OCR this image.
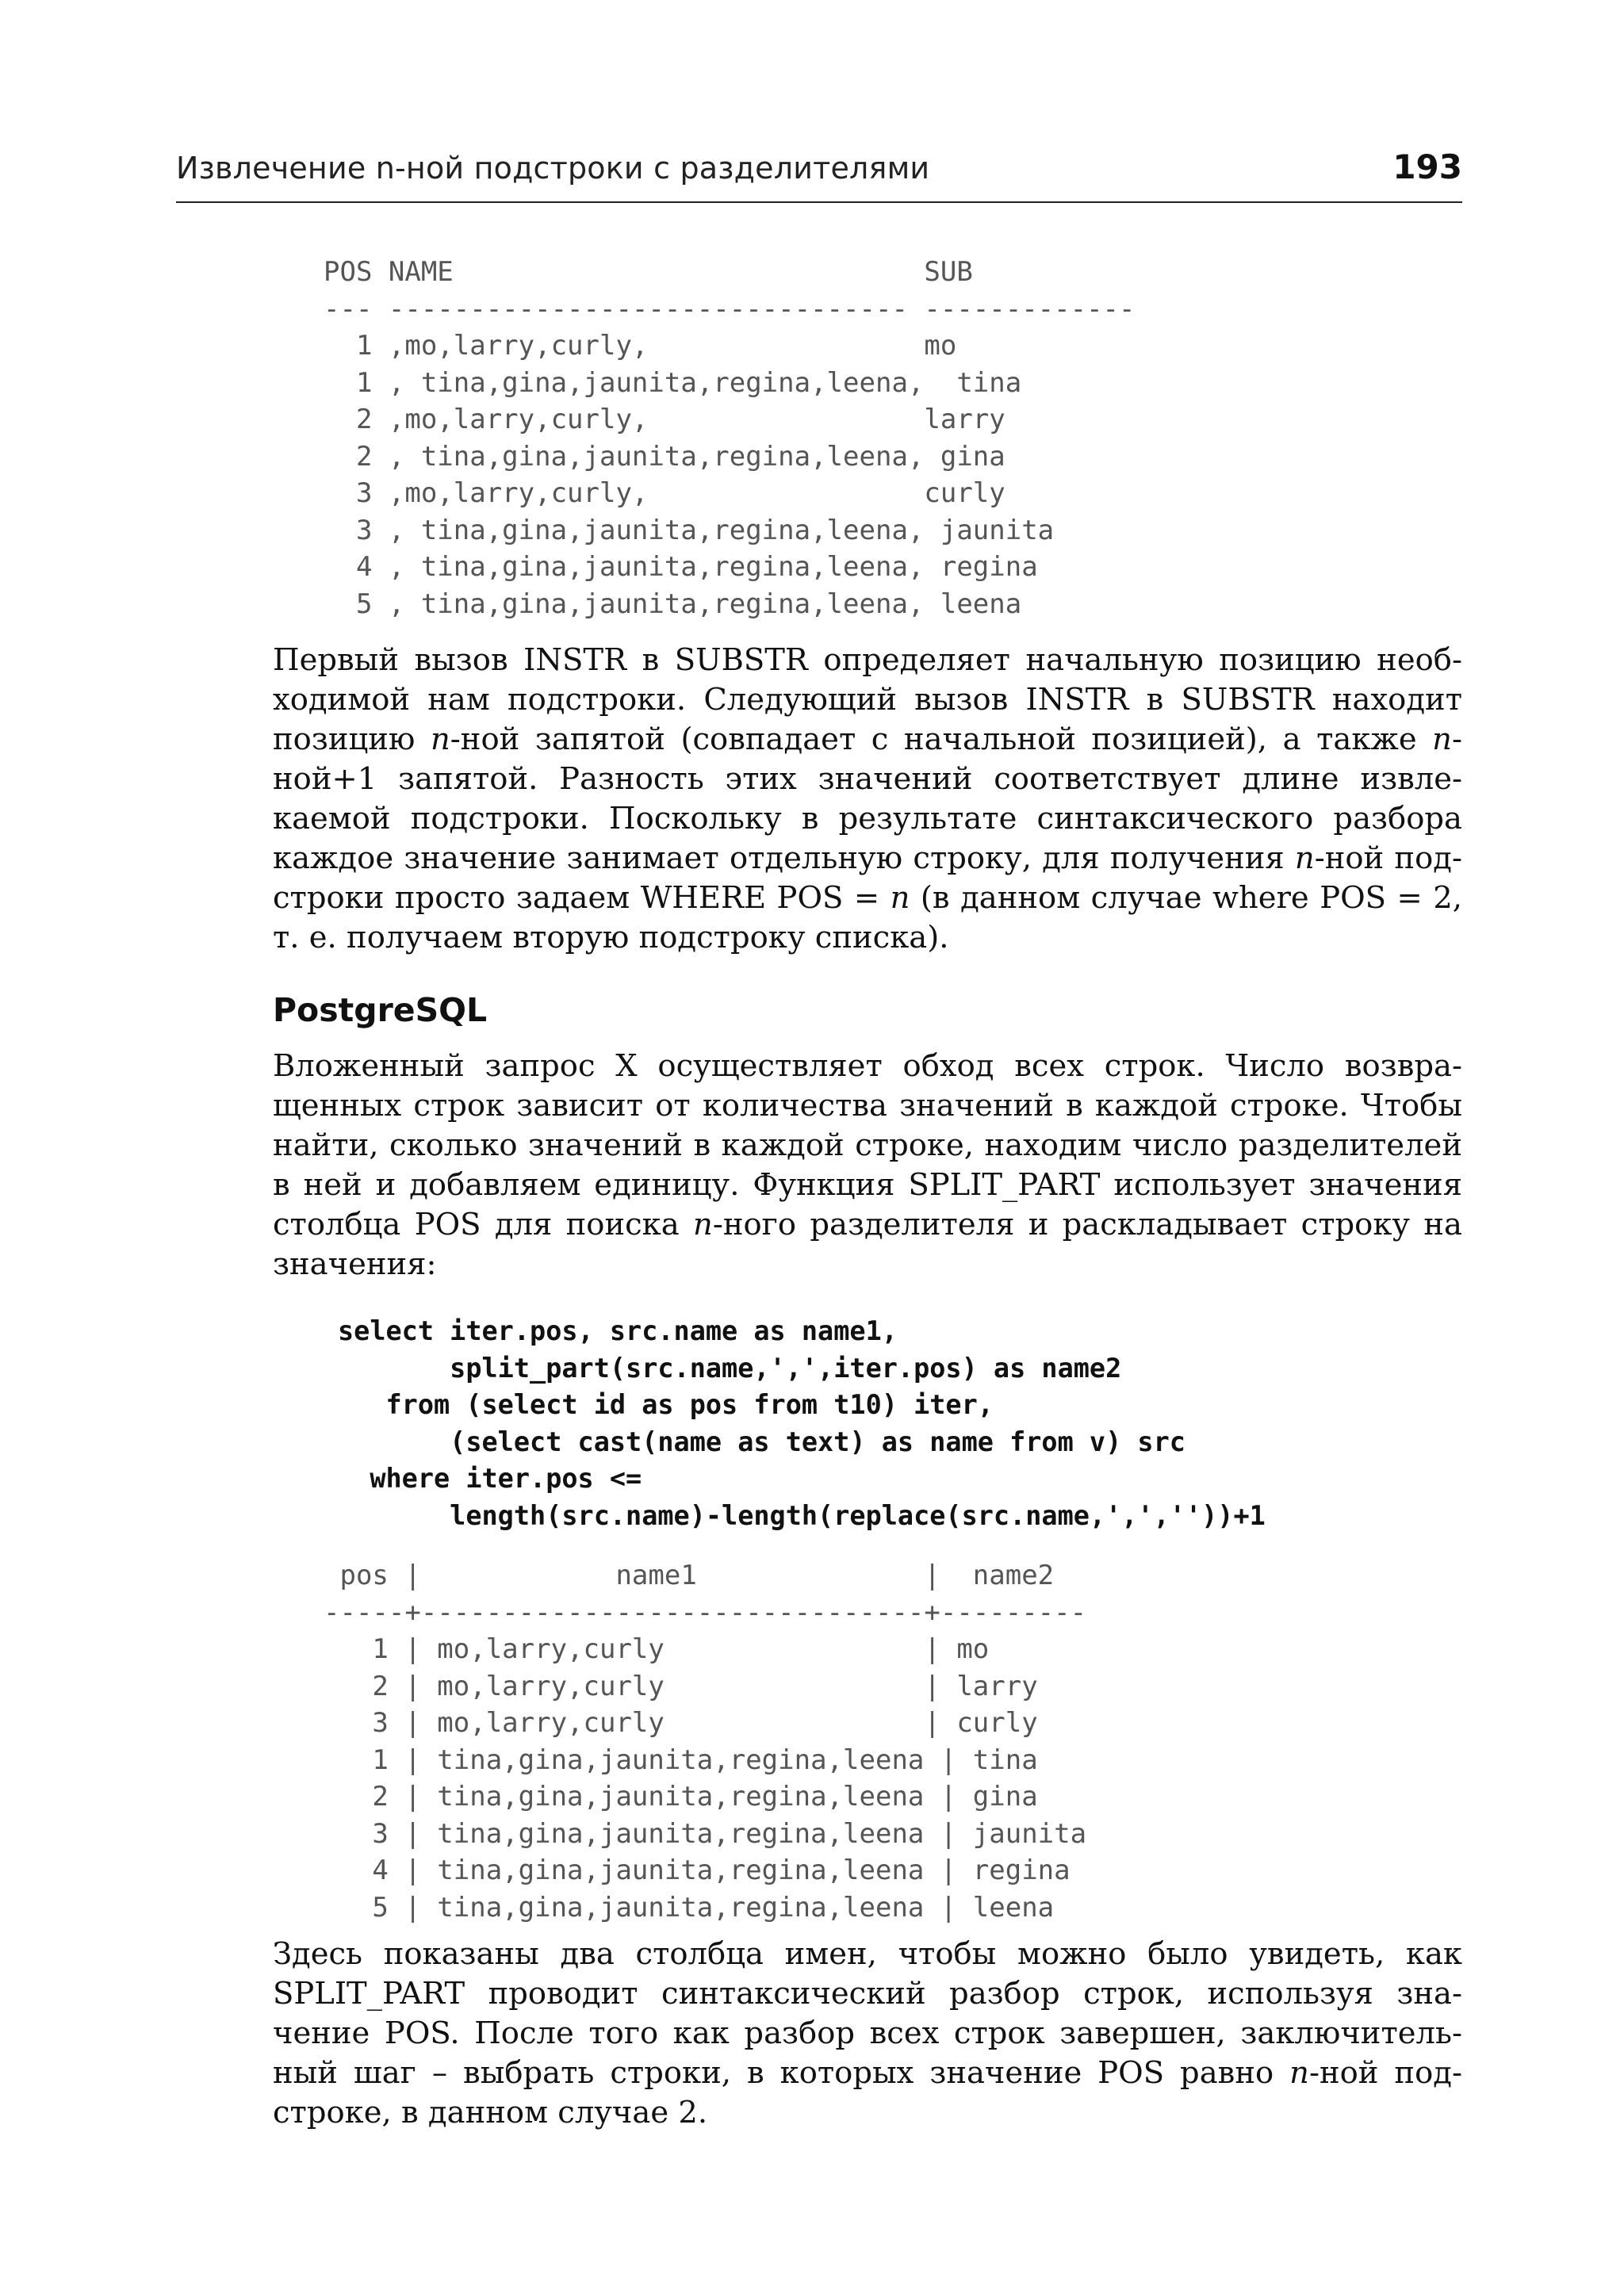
Извлечение n-ной подстроки с разделителями	193
POS NAME                             SUB
--- -------------------------------- -------------
1 ,mo,larry,curly,                 mo
1 , tina,gina,jaunita,regina,leena,  tina
2 ,mo,larry,curly,                 larry
2 , tina,gina,jaunita,regina,leena, gina
3 ,mo,larry,curly,                 curly
3 , tina,gina,jaunita,regina,leena, jaunita
4 , tina,gina,jaunita,regina,leena, regina
5 , tina,gina,jaunita,regina,leena, leena

Первый вызов INSTR в SUBSTR определяет начальную позицию необходимой нам подстроки. Следующий вызов INSTR в SUBSTR находит позицию n-ной запятой (совпадает с начальной позицией), а также n-ной+1 запятой. Разность этих значений соответствует длине извлекаемой подстроки. Поскольку в результате синтаксического разбора каждое значение занимает отдельную строку, для получения n-ной подстроки просто задаем WHERE POS = n (в данном случае where POS = 2, т. е. получаем вторую подстроку списка).

PostgreSQL

Вложенный запрос X осуществляет обход всех строк. Число возвращенных строк зависит от количества значений в каждой строке. Чтобы найти, сколько значений в каждой строке, находим число разделителей в ней и добавляем единицу. Функция SPLIT_PART использует значения столбца POS для поиска n-ного разделителя и раскладывает строку на значения:

select iter.pos, src.name as name1,
split_part(src.name,',',iter.pos) as name2
from (select id as pos from t10) iter,
(select cast(name as text) as name from v) src
where iter.pos <=
length(src.name)-length(replace(src.name,',',''))+1
pos |            name1              |  name2
-----+-------------------------------+---------
1 | mo,larry,curly                | mo
2 | mo,larry,curly                | larry
3 | mo,larry,curly                | curly
1 | tina,gina,jaunita,regina,leena | tina
2 | tina,gina,jaunita,regina,leena | gina
3 | tina,gina,jaunita,regina,leena | jaunita
4 | tina,gina,jaunita,regina,leena | regina
5 | tina,gina,jaunita,regina,leena | leena

Здесь показаны два столбца имен, чтобы можно было увидеть, как SPLIT_PART проводит синтаксический разбор строк, используя значение POS. После того как разбор всех строк завершен, заключительный шаг – выбрать строки, в которых значение POS равно n-ной подстроке, в данном случае 2.
